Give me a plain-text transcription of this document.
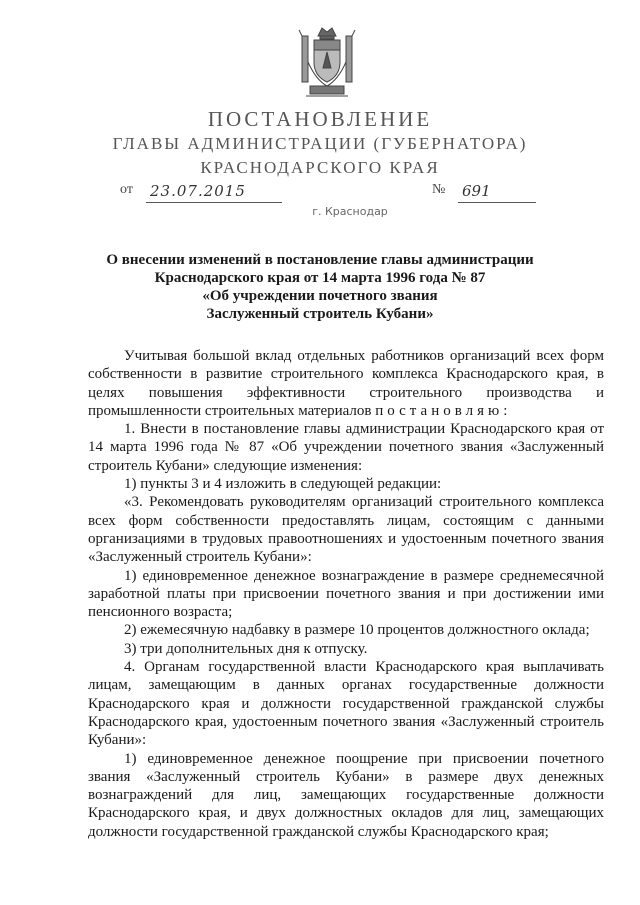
ПОСТАНОВЛЕНИЕ
ГЛАВЫ АДМИНИСТРАЦИИ (ГУБЕРНАТОРА)
КРАСНОДАРСКОГО КРАЯ
от 23.07.2015	№ 691
г. Краснодар
О внесении изменений в постановление главы администрации
Краснодарского края от 14 марта 1996 года № 87
«Об учреждении почетного звания
Заслуженный строитель Кубани»

Учитывая большой вклад отдельных работников организаций всех форм собственности в развитие строительного комплекса Краснодарского края, в целях повышения эффективности строительного производства и промышленности строительных материалов постановляю:

1. Внести в постановление главы администрации Краснодарского края от 14 марта 1996 года № 87 «Об учреждении почетного звания «Заслуженный строитель Кубани» следующие изменения:

1) пункты 3 и 4 изложить в следующей редакции:

«3. Рекомендовать руководителям организаций строительного комплекса всех форм собственности предоставлять лицам, состоящим с данными организациями в трудовых правоотношениях и удостоенным почетного звания «Заслуженный строитель Кубани»:

1) единовременное денежное вознаграждение в размере среднемесячной заработной платы при присвоении почетного звания и при достижении ими пенсионного возраста;

2) ежемесячную надбавку в размере 10 процентов должностного оклада;

3) три дополнительных дня к отпуску.

4. Органам государственной власти Краснодарского края выплачивать лицам, замещающим в данных органах государственные должности Краснодарского края и должности государственной гражданской службы Краснодарского края, удостоенным почетного звания «Заслуженный строитель Кубани»:

1) единовременное денежное поощрение при присвоении почетного звания «Заслуженный строитель Кубани» в размере двух денежных вознаграждений для лиц, замещающих государственные должности Краснодарского края, и двух должностных окладов для лиц, замещающих должности государственной гражданской службы Краснодарского края;
